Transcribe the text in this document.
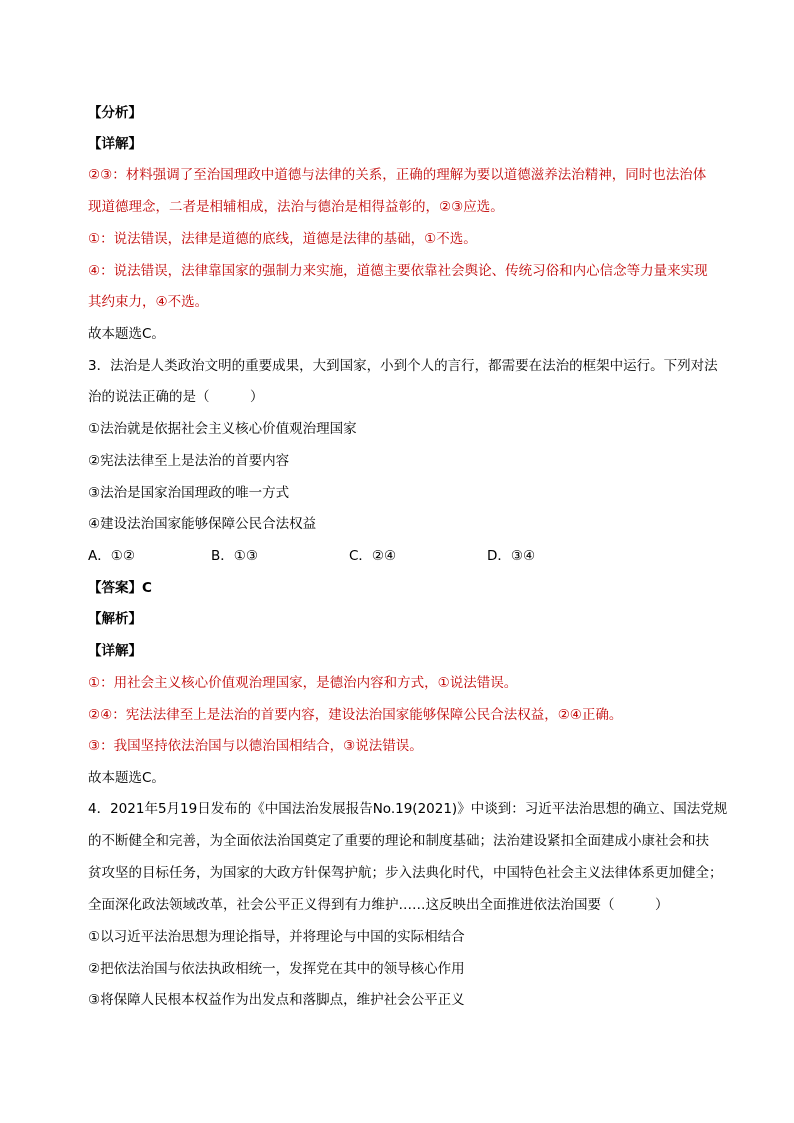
【分析】
【详解】
②③：材料强调了至治国理政中道德与法律的关系，正确的理解为要以道德滋养法治精神，同时也法治体
现道德理念，二者是相辅相成，法治与德治是相得益彰的，②③应选。
①：说法错误，法律是道德的底线，道德是法律的基础，①不选。
④：说法错误，法律靠国家的强制力来实施，道德主要依靠社会舆论、传统习俗和内心信念等力量来实现
其约束力，④不选。
故本题选C。
3．法治是人类政治文明的重要成果，大到国家，小到个人的言行，都需要在法治的框架中运行。下列对法
治的说法正确的是（　　　）
①法治就是依据社会主义核心价值观治理国家
②宪法法律至上是法治的首要内容
③法治是国家治国理政的唯一方式
④建设法治国家能够保障公民合法权益
A．①②	B．①③	C．②④	D．③④
【答案】C
【解析】
【详解】
①：用社会主义核心价值观治理国家，是德治内容和方式，①说法错误。
②④：宪法法律至上是法治的首要内容，建设法治国家能够保障公民合法权益，②④正确。
③：我国坚持依法治国与以德治国相结合，③说法错误。
故本题选C。
4．2021年5月19日发布的《中国法治发展报告No.19(2021)》中谈到：习近平法治思想的确立、国法党规
的不断健全和完善，为全面依法治国奠定了重要的理论和制度基础；法治建设紧扣全面建成小康社会和扶
贫攻坚的目标任务，为国家的大政方针保驾护航；步入法典化时代，中国特色社会主义法律体系更加健全；
全面深化政法领域改革，社会公平正义得到有力维护……这反映出全面推进依法治国要（　　　）
①以习近平法治思想为理论指导，并将理论与中国的实际相结合
②把依法治国与依法执政相统一，发挥党在其中的领导核心作用
③将保障人民根本权益作为出发点和落脚点，维护社会公平正义
